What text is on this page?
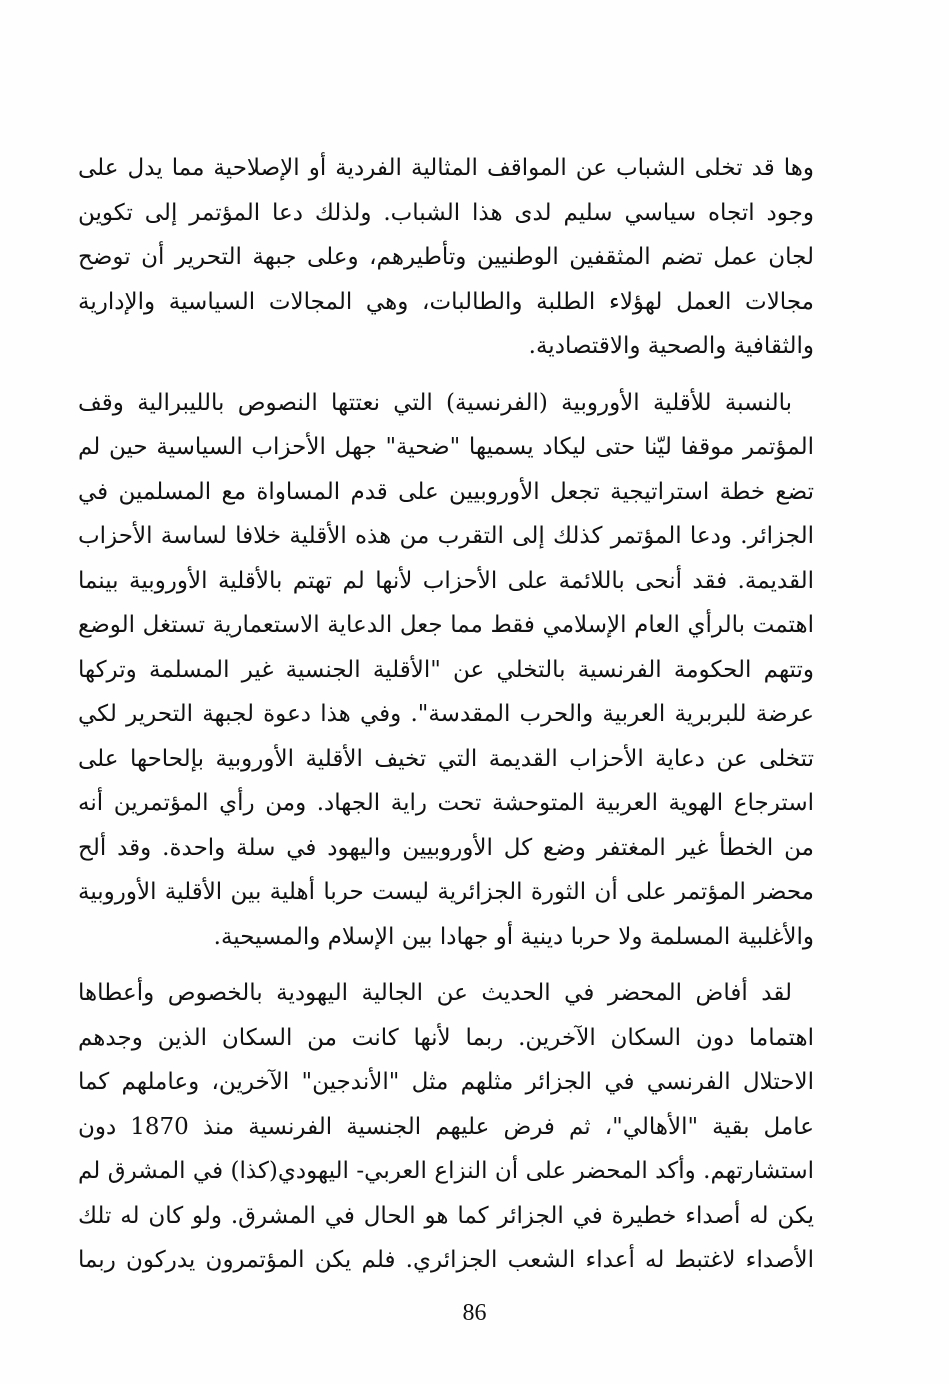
وها قد تخلى الشباب عن المواقف المثالية الفردية أو الإصلاحية مما يدل على
وجود اتجاه سياسي سليم لدى هذا الشباب. ولذلك دعا المؤتمر إلى تكوين
لجان عمل تضم المثقفين الوطنيين وتأطيرهم، وعلى جبهة التحرير أن توضح
مجالات العمل لهؤلاء الطلبة والطالبات، وهي المجالات السياسية والإدارية
والثقافية والصحية والاقتصادية.
بالنسبة للأقلية الأوروبية (الفرنسية) التي نعتتها النصوص بالليبرالية وقف
المؤتمر موقفا ليّنا حتى ليكاد يسميها "ضحية" جهل الأحزاب السياسية حين لم
تضع خطة استراتيجية تجعل الأوروبيين على قدم المساواة مع المسلمين في
الجزائر. ودعا المؤتمر كذلك إلى التقرب من هذه الأقلية خلافا لساسة الأحزاب
القديمة. فقد أنحى باللائمة على الأحزاب لأنها لم تهتم بالأقلية الأوروبية بينما
اهتمت بالرأي العام الإسلامي فقط مما جعل الدعاية الاستعمارية تستغل الوضع
وتتهم الحكومة الفرنسية بالتخلي عن "الأقلية الجنسية غير المسلمة وتركها
عرضة للبربرية العربية والحرب المقدسة". وفي هذا دعوة لجبهة التحرير لكي
تتخلى عن دعاية الأحزاب القديمة التي تخيف الأقلية الأوروبية بإلحاحها على
استرجاع الهوية العربية المتوحشة تحت راية الجهاد. ومن رأي المؤتمرين أنه
من الخطأ غير المغتفر وضع كل الأوروبيين واليهود في سلة واحدة. وقد ألح
محضر المؤتمر على أن الثورة الجزائرية ليست حربا أهلية بين الأقلية الأوروبية
والأغلبية المسلمة ولا حربا دينية أو جهادا بين الإسلام والمسيحية.
لقد أفاض المحضر في الحديث عن الجالية اليهودية بالخصوص وأعطاها
اهتماما دون السكان الآخرين. ربما لأنها كانت من السكان الذين وجدهم
الاحتلال الفرنسي في الجزائر مثلهم مثل "الأندجين" الآخرين، وعاملهم كما
عامل بقية "الأهالي"، ثم فرض عليهم الجنسية الفرنسية منذ 1870 دون
استشارتهم. وأكد المحضر على أن النزاع العربي- اليهودي(كذا) في المشرق لم
يكن له أصداء خطيرة في الجزائر كما هو الحال في المشرق. ولو كان له تلك
الأصداء لاغتبط له أعداء الشعب الجزائري. فلم يكن المؤتمرون يدركون ربما
86
